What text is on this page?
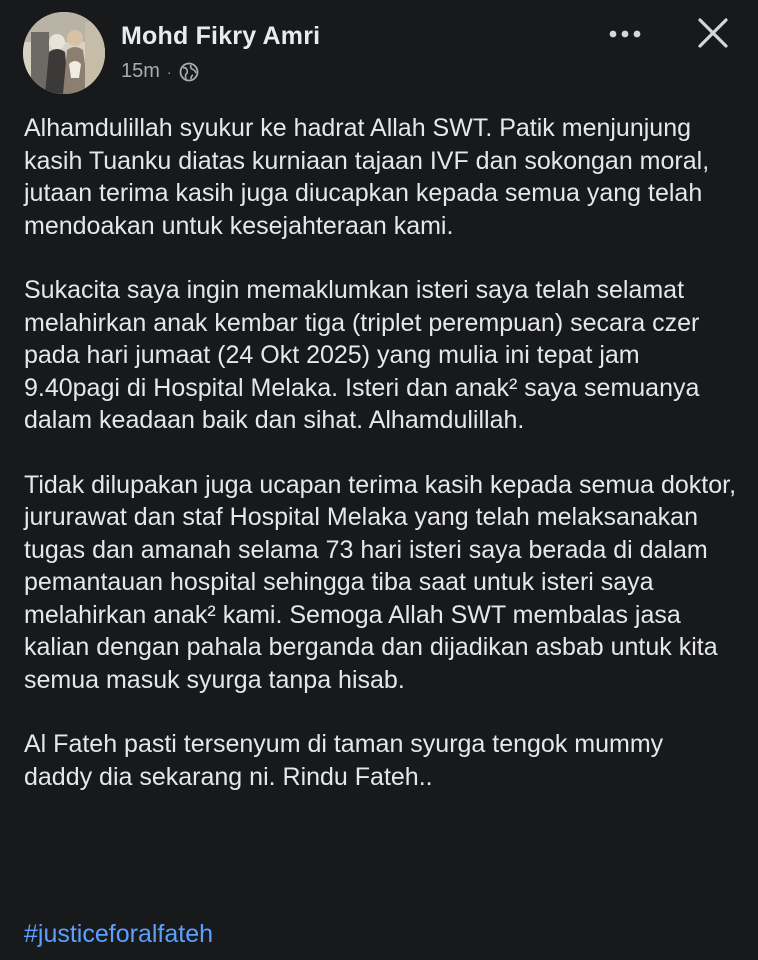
Mohd Fikry Amri
15m ·

Alhamdulillah syukur ke hadrat Allah SWT. Patik menjunjung kasih Tuanku diatas kurniaan tajaan IVF dan sokongan moral, jutaan terima kasih juga diucapkan kepada semua yang telah mendoakan untuk kesejahteraan kami.

Sukacita saya ingin memaklumkan isteri saya telah selamat melahirkan anak kembar tiga (triplet perempuan) secara czer pada hari jumaat (24 Okt 2025) yang mulia ini tepat jam 9.40pagi di Hospital Melaka. Isteri dan anak² saya semuanya dalam keadaan baik dan sihat. Alhamdulillah.

Tidak dilupakan juga ucapan terima kasih kepada semua doktor, jururawat dan staf Hospital Melaka yang telah melaksanakan tugas dan amanah selama 73 hari isteri saya berada di dalam pemantauan hospital sehingga tiba saat untuk isteri saya melahirkan anak² kami. Semoga Allah SWT membalas jasa kalian dengan pahala berganda dan dijadikan asbab untuk kita semua masuk syurga tanpa hisab.

Al Fateh pasti tersenyum di taman syurga tengok mummy daddy dia sekarang ni. Rindu Fateh..

#justiceforalfateh
